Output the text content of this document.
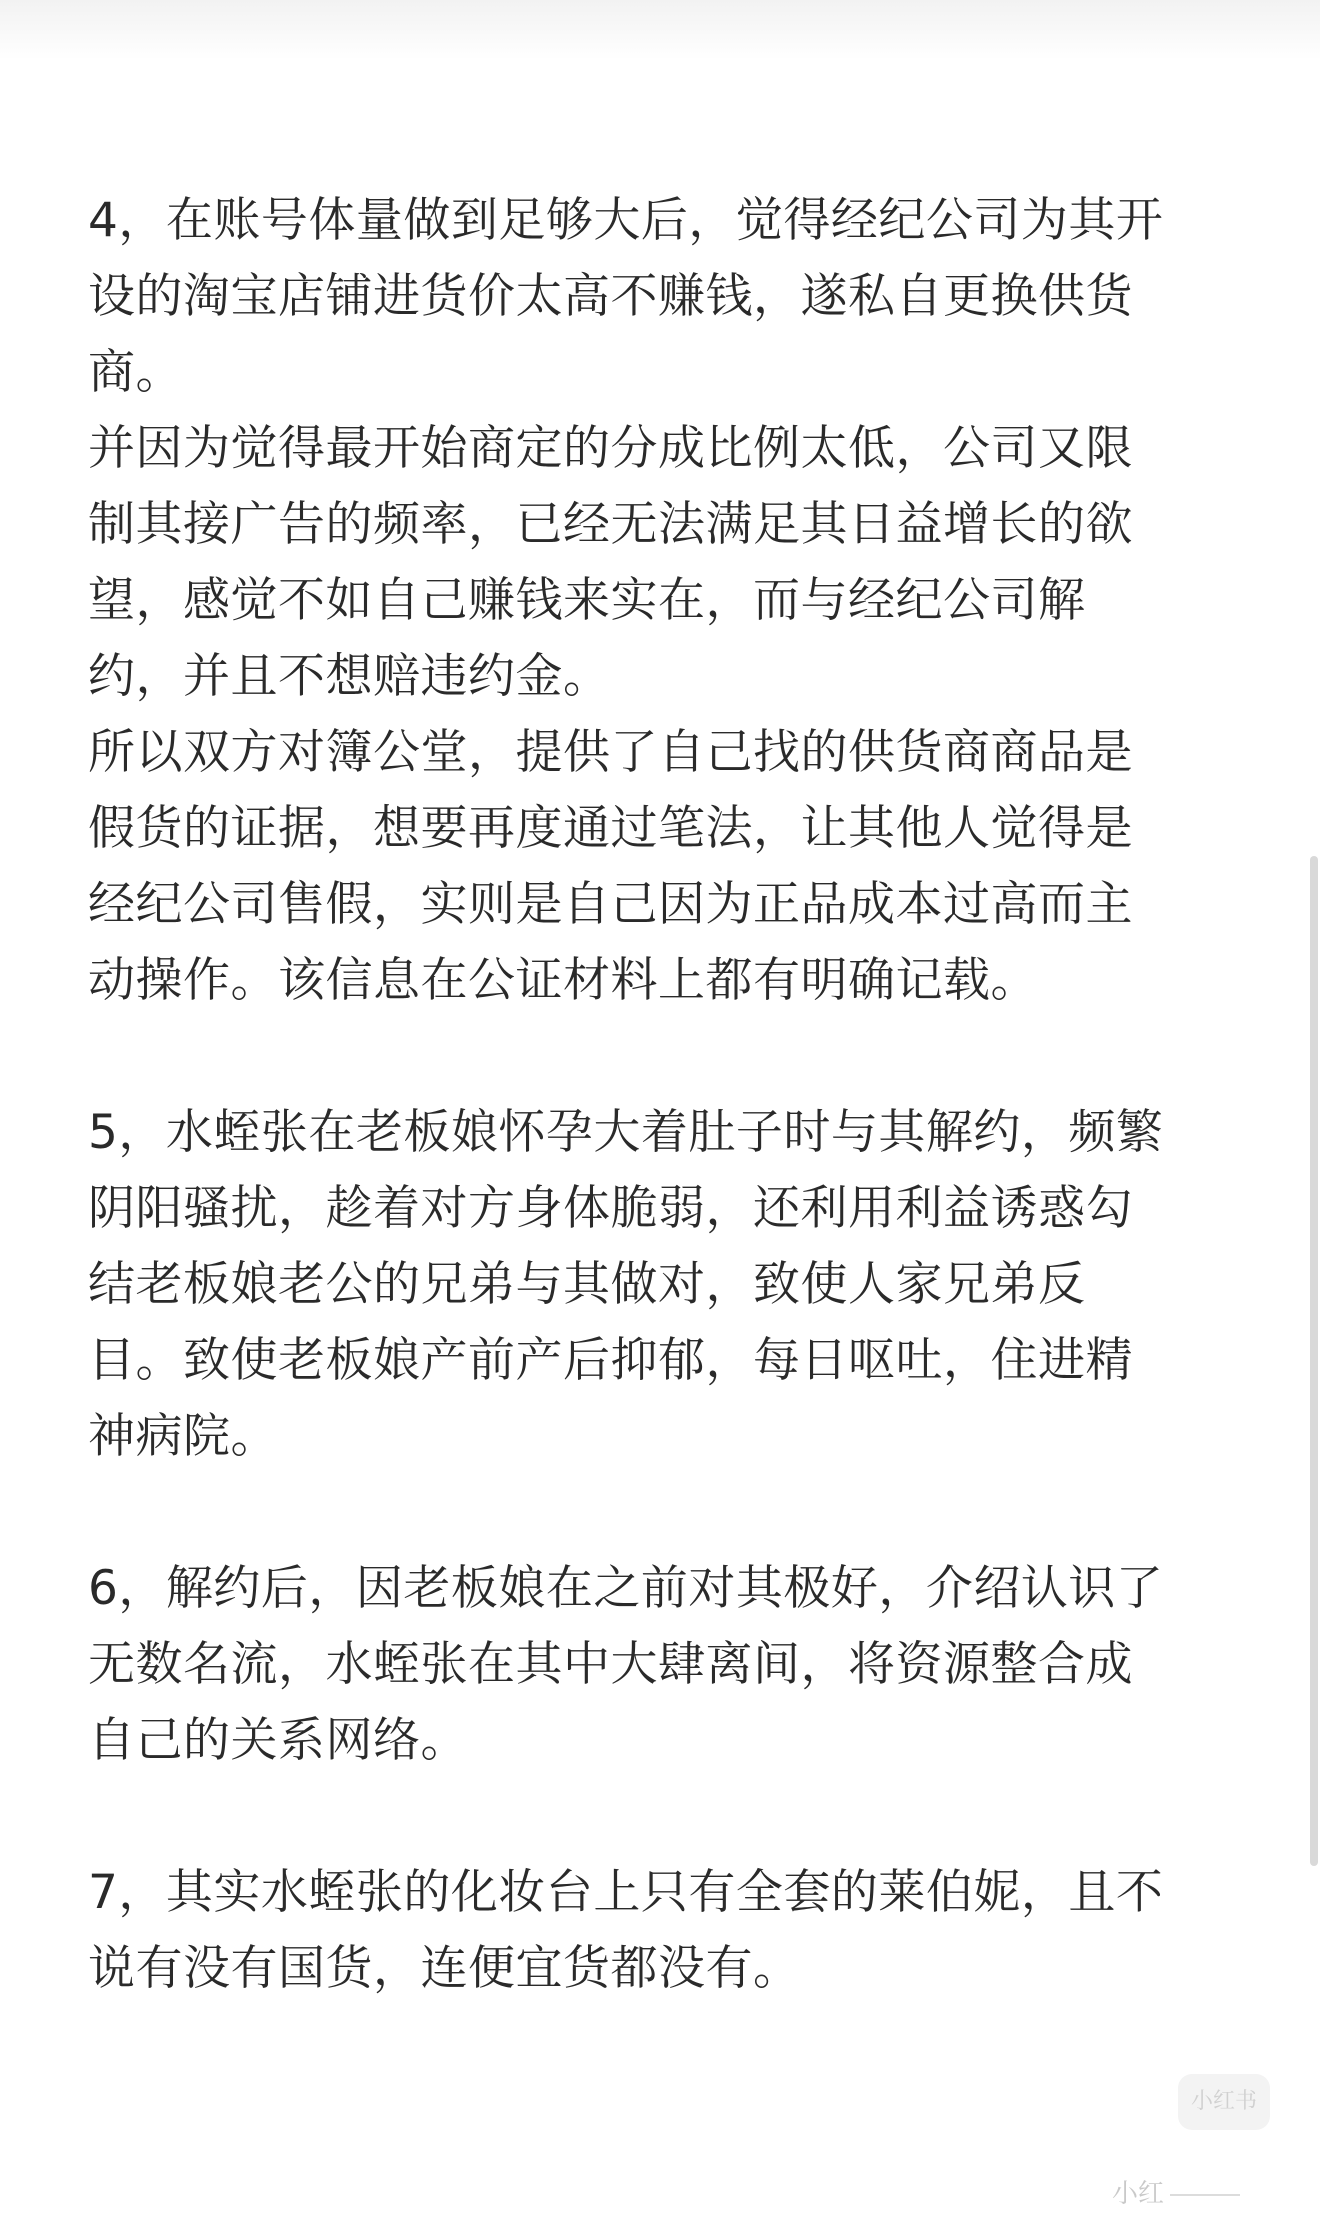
4，在账号体量做到足够大后，觉得经纪公司为其开
设的淘宝店铺进货价太高不赚钱，遂私自更换供货
商。
并因为觉得最开始商定的分成比例太低，公司又限
制其接广告的频率，已经无法满足其日益增长的欲
望，感觉不如自己赚钱来实在，而与经纪公司解
约，并且不想赔违约金。
所以双方对簿公堂，提供了自己找的供货商商品是
假货的证据，想要再度通过笔法，让其他人觉得是
经纪公司售假，实则是自己因为正品成本过高而主
动操作。该信息在公证材料上都有明确记载。
5，水蛭张在老板娘怀孕大着肚子时与其解约，频繁
阴阳骚扰，趁着对方身体脆弱，还利用利益诱惑勾
结老板娘老公的兄弟与其做对，致使人家兄弟反
目。致使老板娘产前产后抑郁，每日呕吐，住进精
神病院。
6，解约后，因老板娘在之前对其极好，介绍认识了
无数名流，水蛭张在其中大肆离间，将资源整合成
自己的关系网络。
7，其实水蛭张的化妆台上只有全套的莱伯妮，且不
说有没有国货，连便宜货都没有。
小红书
小红
